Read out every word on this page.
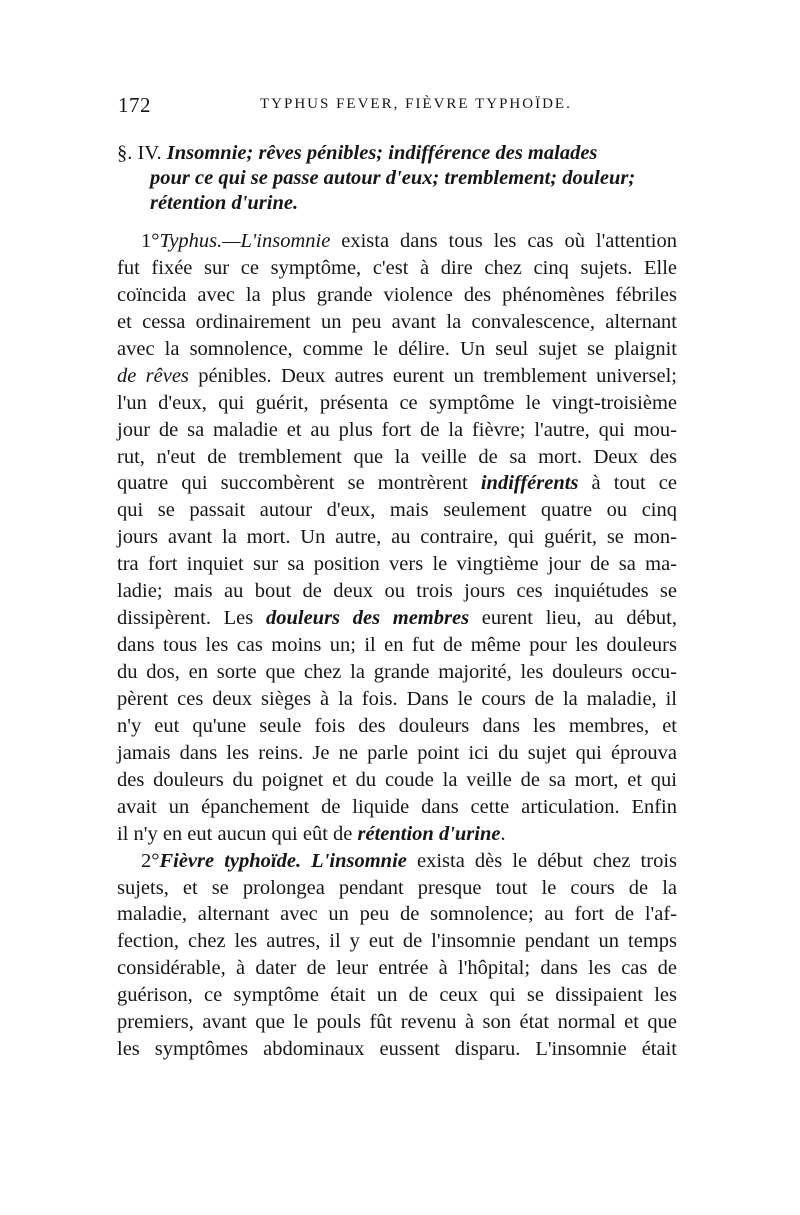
172	TYPHUS FEVER, FIÈVRE TYPHOÏDE.
§. IV. Insomnie; rêves pénibles; indifférence des malades
pour ce qui se passe autour d'eux; tremblement; douleur;
rétention d'urine.
1°Typhus.—L'insomnie exista dans tous les cas où l'attention
fut fixée sur ce symptôme, c'est à dire chez cinq sujets. Elle
coïncida avec la plus grande violence des phénomènes fébriles
et cessa ordinairement un peu avant la convalescence, alternant
avec la somnolence, comme le délire. Un seul sujet se plaignit
de rêves pénibles. Deux autres eurent un tremblement universel;
l'un d'eux, qui guérit, présenta ce symptôme le vingt-troisième
jour de sa maladie et au plus fort de la fièvre; l'autre, qui mou-
rut, n'eut de tremblement que la veille de sa mort. Deux des
quatre qui succombèrent se montrèrent indifférents à tout ce
qui se passait autour d'eux, mais seulement quatre ou cinq
jours avant la mort. Un autre, au contraire, qui guérit, se mon-
tra fort inquiet sur sa position vers le vingtième jour de sa ma-
ladie; mais au bout de deux ou trois jours ces inquiétudes se
dissipèrent. Les douleurs des membres eurent lieu, au début,
dans tous les cas moins un; il en fut de même pour les douleurs
du dos, en sorte que chez la grande majorité, les douleurs occu-
pèrent ces deux sièges à la fois. Dans le cours de la maladie, il
n'y eut qu'une seule fois des douleurs dans les membres, et
jamais dans les reins. Je ne parle point ici du sujet qui éprouva
des douleurs du poignet et du coude la veille de sa mort, et qui
avait un épanchement de liquide dans cette articulation. Enfin
il n'y en eut aucun qui eût de rétention d'urine.
2°Fièvre typhoïde. L'insomnie exista dès le début chez trois
sujets, et se prolongea pendant presque tout le cours de la
maladie, alternant avec un peu de somnolence; au fort de l'af-
fection, chez les autres, il y eut de l'insomnie pendant un temps
considérable, à dater de leur entrée à l'hôpital; dans les cas de
guérison, ce symptôme était un de ceux qui se dissipaient les
premiers, avant que le pouls fût revenu à son état normal et que
les symptômes abdominaux eussent disparu. L'insomnie était
